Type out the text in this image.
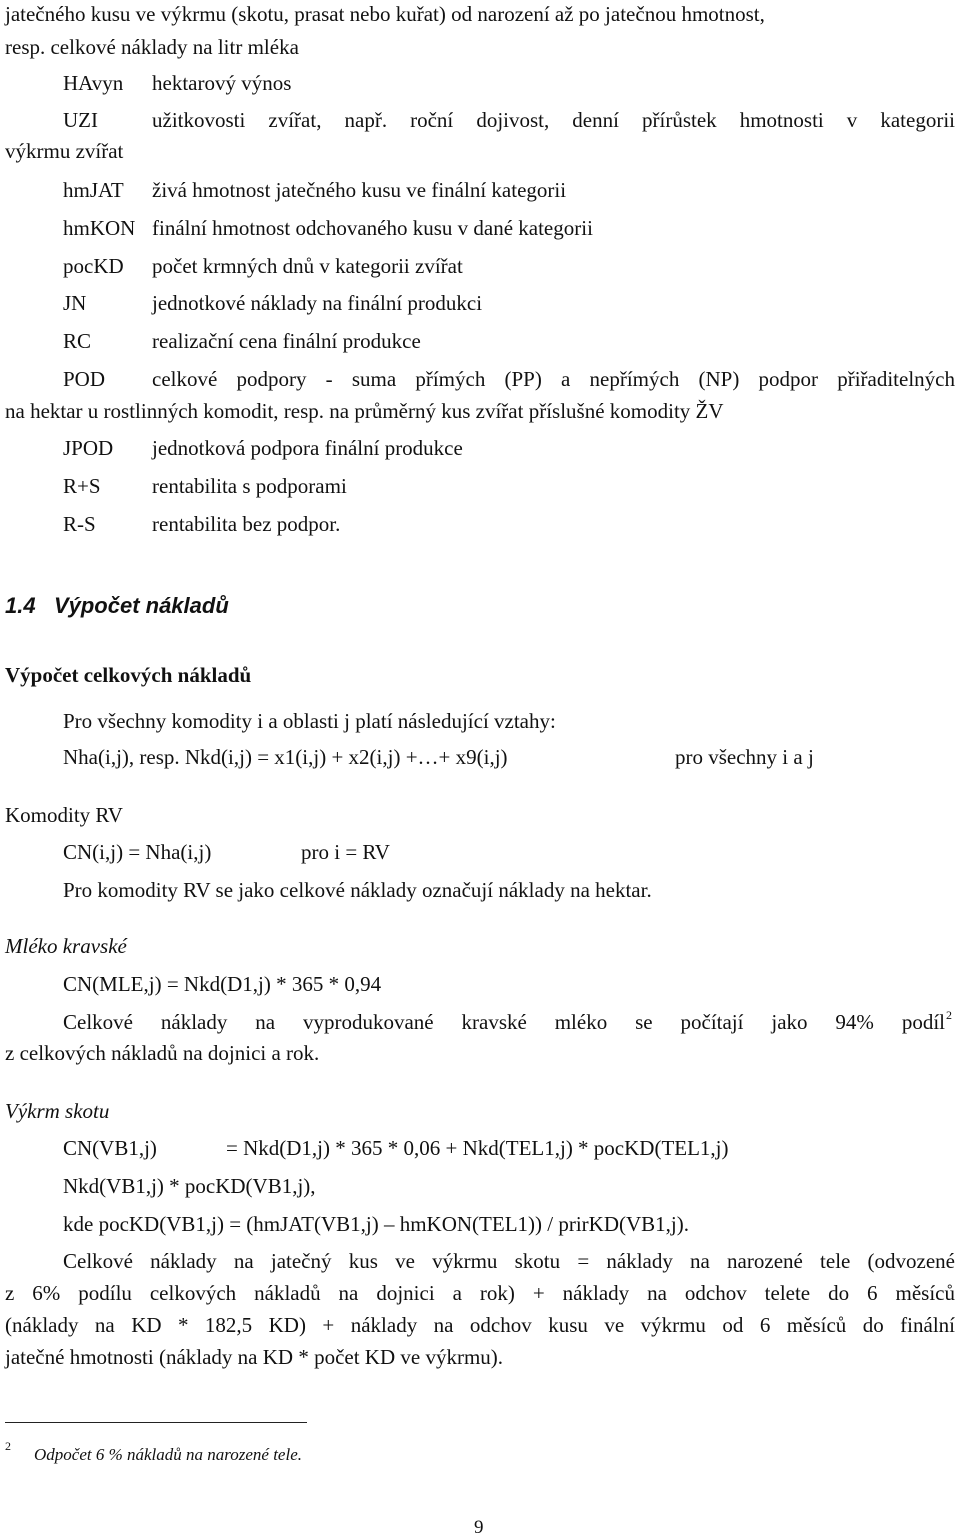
jatečného kusu ve výkrmu (skotu, prasat nebo kuřat) od narození až po jatečnou hmotnost,
resp. celkové náklady na litr mléka
HAvyn hektarový výnos
UZI	užitkovosti zvířat, např. roční dojivost, denní přírůstek hmotnosti v kategorii
výkrmu zvířat
hmJAT živá hmotnost jatečného kusu ve finální kategorii
hmKON finální hmotnost odchovaného kusu v dané kategorii
pocKD počet krmných dnů v kategorii zvířat
JN	jednotkové náklady na finální produkci
RC	realizační cena finální produkce
POD celkové podpory - suma přímých (PP) a nepřímých (NP) podpor přiřaditelných
na hektar u rostlinných komodit, resp. na průměrný kus zvířat příslušné komodity ŽV
JPOD jednotková podpora finální produkce
R+S rentabilita s podporami
R-S	rentabilita bez podpor.
1.4 Výpočet nákladů
Výpočet celkových nákladů
Pro všechny komodity i a oblasti j platí následující vztahy:
Nha(i,j), resp. Nkd(i,j) = x1(i,j) + x2(i,j) +…+ x9(i,j)	pro všechny i a j
Komodity RV
CN(i,j) = Nha(i,j)	pro i = RV
Pro komodity RV se jako celkové náklady označují náklady na hektar.
Mléko kravské
CN(MLE,j) = Nkd(D1,j) * 365 * 0,94
Celkové náklady na vyprodukované kravské mléko se počítají jako 94% podíl 2
z celkových nákladů na dojnici a rok.
Výkrm skotu
CN(VB1,j)	= Nkd(D1,j) * 365 * 0,06 + Nkd(TEL1,j) * pocKD(TEL1,j)
Nkd(VB1,j) * pocKD(VB1,j),
kde pocKD(VB1,j) = (hmJAT(VB1,j) – hmKON(TEL1)) / prirKD(VB1,j).
Celkové náklady na jatečný kus ve výkrmu skotu = náklady na narozené tele (odvozené
z 6% podílu celkových nákladů na dojnici a rok) + náklady na odchov telete do 6 měsíců
(náklady na KD * 182,5 KD) + náklady na odchov kusu ve výkrmu od 6 měsíců do finální
jatečné hmotnosti (náklady na KD * počet KD ve výkrmu).
2 Odpočet 6 % nákladů na narozené tele.
9
